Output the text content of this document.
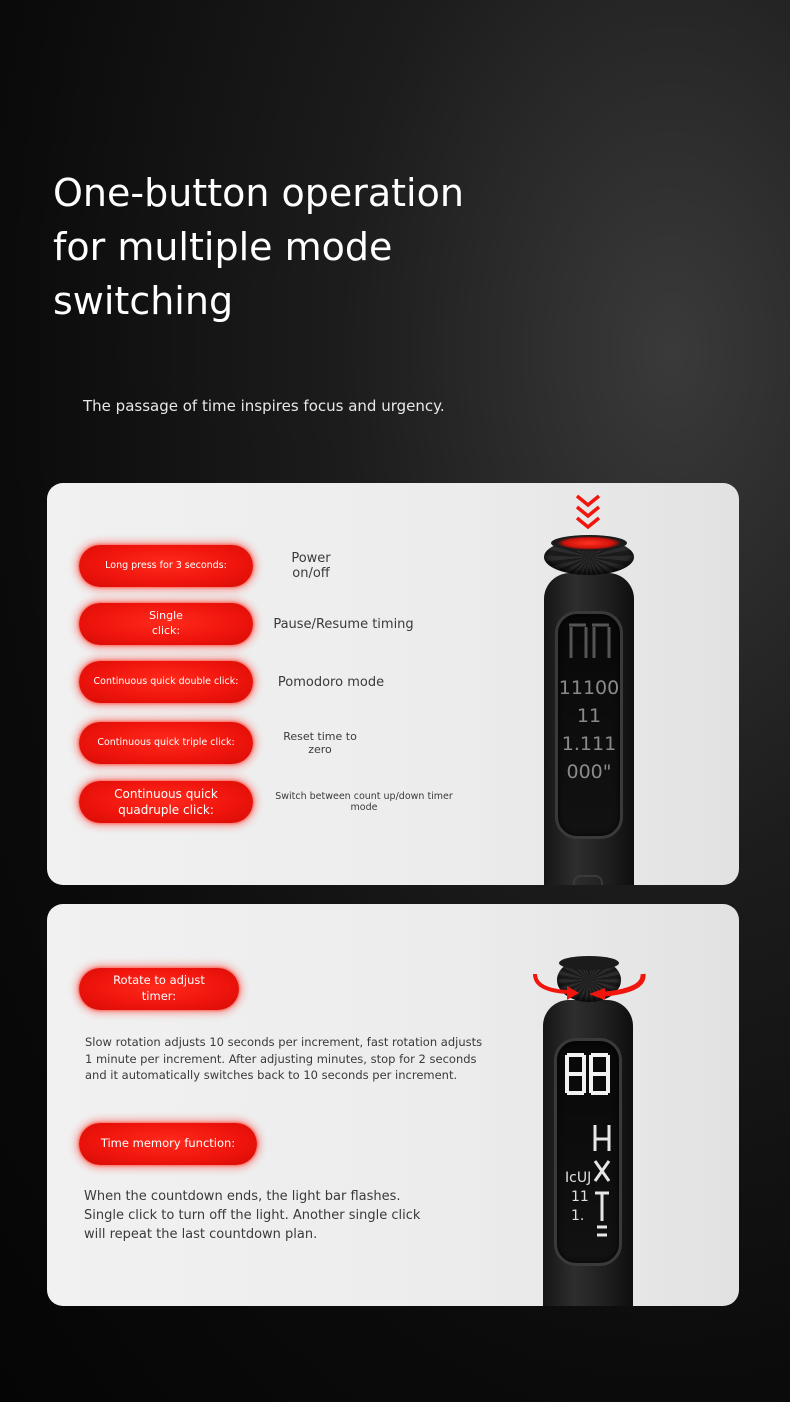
One-button operation for multiple mode switching
The passage of time inspires focus and urgency.
Long press for 3 seconds:	Power on/off
Single click:	Pause/Resume timing
Continuous quick double click:	Pomodoro mode
Continuous quick triple click:	Reset time to zero
Continuous quick quadruple click:
Switch between count up/down timer mode
11100
11
1.111
000"
Rotate to adjust timer:
Slow rotation adjusts 10 seconds per increment, fast rotation adjusts 1 minute per increment. After adjusting minutes, stop for 2 seconds and it automatically switches back to 10 seconds per increment.
Time memory function:
When the countdown ends, the light bar flashes. Single click to turn off the light. Another single click will repeat the last countdown plan.
IcUJ
11
1.
